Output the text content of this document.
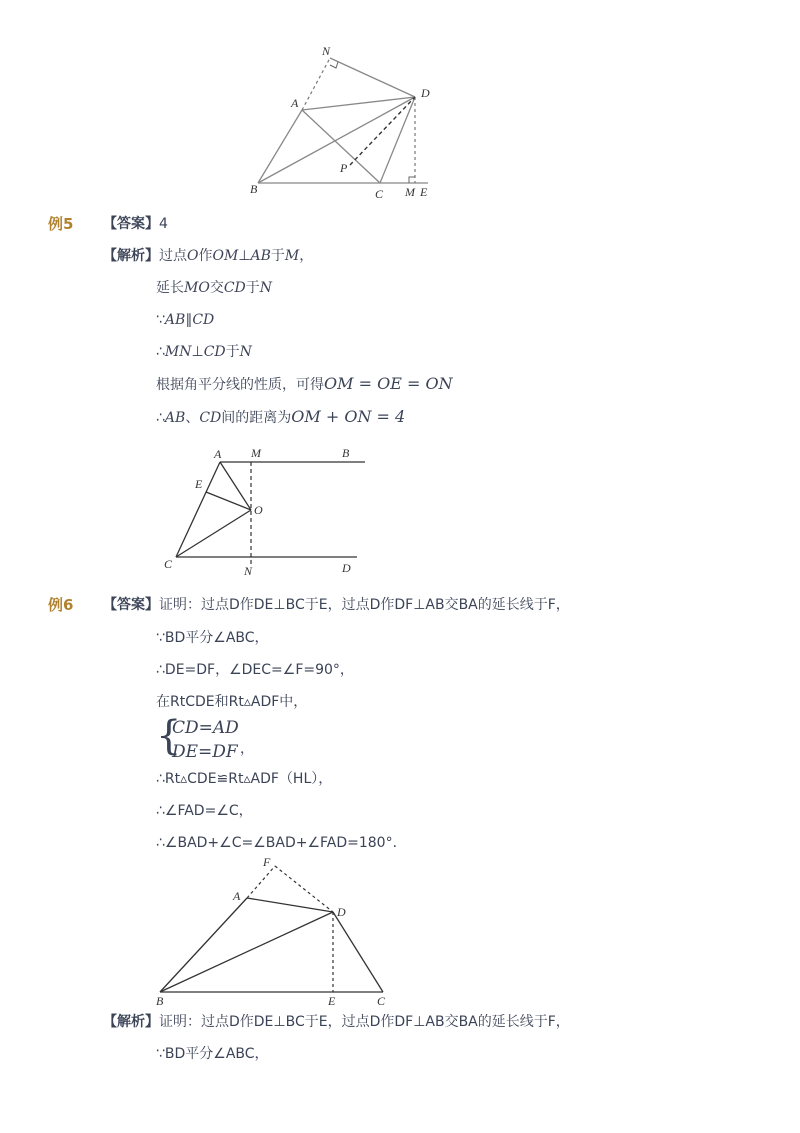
N
A
D
P
B	C M E
例5 【答案】4
【解析】过点O作OM⊥AB于M，
延长MO交CD于N
∵AB∥CD
∴MN⊥CD于N
根据角平分线的性质，可得OM = OE = ON
∴AB、CD间的距离为OM + ON = 4
A M	B
E
O
C	N	D
例6 【答案】证明：过点D作DE⊥BC于E，过点D作DF⊥AB交BA的延长线于F，
∵BD平分∠ABC，
∴DE=DF，∠DEC=∠F=90°，
在RtCDE和Rt▵ADF中，
{
CD=AD
DE=DF ，
∴Rt▵CDE≌Rt▵ADF（HL），
∴∠FAD=∠C，
∴∠BAD+∠C=∠BAD+∠FAD=180°．
F
A
D
B	E	C
【解析】证明：过点D作DE⊥BC于E，过点D作DF⊥AB交BA的延长线于F，
∵BD平分∠ABC，
